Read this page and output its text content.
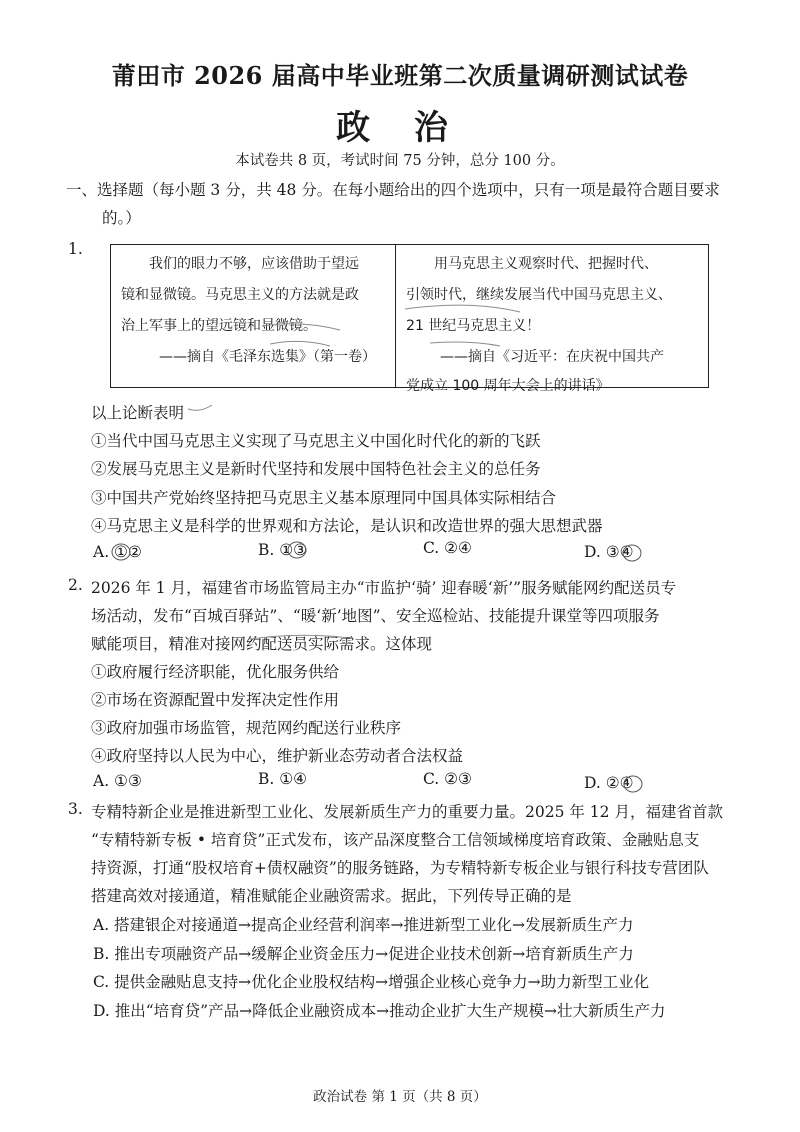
莆田市 2026 届高中毕业班第二次质量调研测试试卷
政 治
本试卷共 8 页，考试时间 75 分钟，总分 100 分。
一、选择题（每小题 3 分，共 48 分。在每小题给出的四个选项中，只有一项是最符合题目要求
的。）
1.
我们的眼力不够，应该借助于望远
镜和显微镜。马克思主义的方法就是政
治上军事上的望远镜和显微镜。
——摘自《毛泽东选集》（第一卷）
用马克思主义观察时代、把握时代、
引领时代，继续发展当代中国马克思主义、
21 世纪马克思主义！
——摘自《习近平：在庆祝中国共产
党成立 100 周年大会上的讲话》
以上论断表明
①当代中国马克思主义实现了马克思主义中国化时代化的新的飞跃
②发展马克思主义是新时代坚持和发展中国特色社会主义的总任务
③中国共产党始终坚持把马克思主义基本原理同中国具体实际相结合
④马克思主义是科学的世界观和方法论，是认识和改造世界的强大思想武器
A. ①②	B. ①③	C. ②④	D. ③④
2. 2026 年 1 月，福建省市场监管局主办“市监护‘骑’ 迎春暖‘新’”服务赋能网约配送员专
场活动，发布“百城百驿站”、“暖‘新’地图”、安全巡检站、技能提升课堂等四项服务
赋能项目，精准对接网约配送员实际需求。这体现
①政府履行经济职能，优化服务供给
②市场在资源配置中发挥决定性作用
③政府加强市场监管，规范网约配送行业秩序
④政府坚持以人民为中心，维护新业态劳动者合法权益
A. ①③	B. ①④	C. ②③	D. ②④
3. 专精特新企业是推进新型工业化、发展新质生产力的重要力量。2025 年 12 月，福建省首款
“专精特新专板 • 培育贷”正式发布，该产品深度整合工信领域梯度培育政策、金融贴息支
持资源，打通“股权培育+债权融资”的服务链路，为专精特新专板企业与银行科技专营团队
搭建高效对接通道，精准赋能企业融资需求。据此，下列传导正确的是
A. 搭建银企对接通道→提高企业经营利润率→推进新型工业化→发展新质生产力
B. 推出专项融资产品→缓解企业资金压力→促进企业技术创新→培育新质生产力
C. 提供金融贴息支持→优化企业股权结构→增强企业核心竞争力→助力新型工业化
D. 推出“培育贷”产品→降低企业融资成本→推动企业扩大生产规模→壮大新质生产力
政治试卷 第 1 页（共 8 页）
